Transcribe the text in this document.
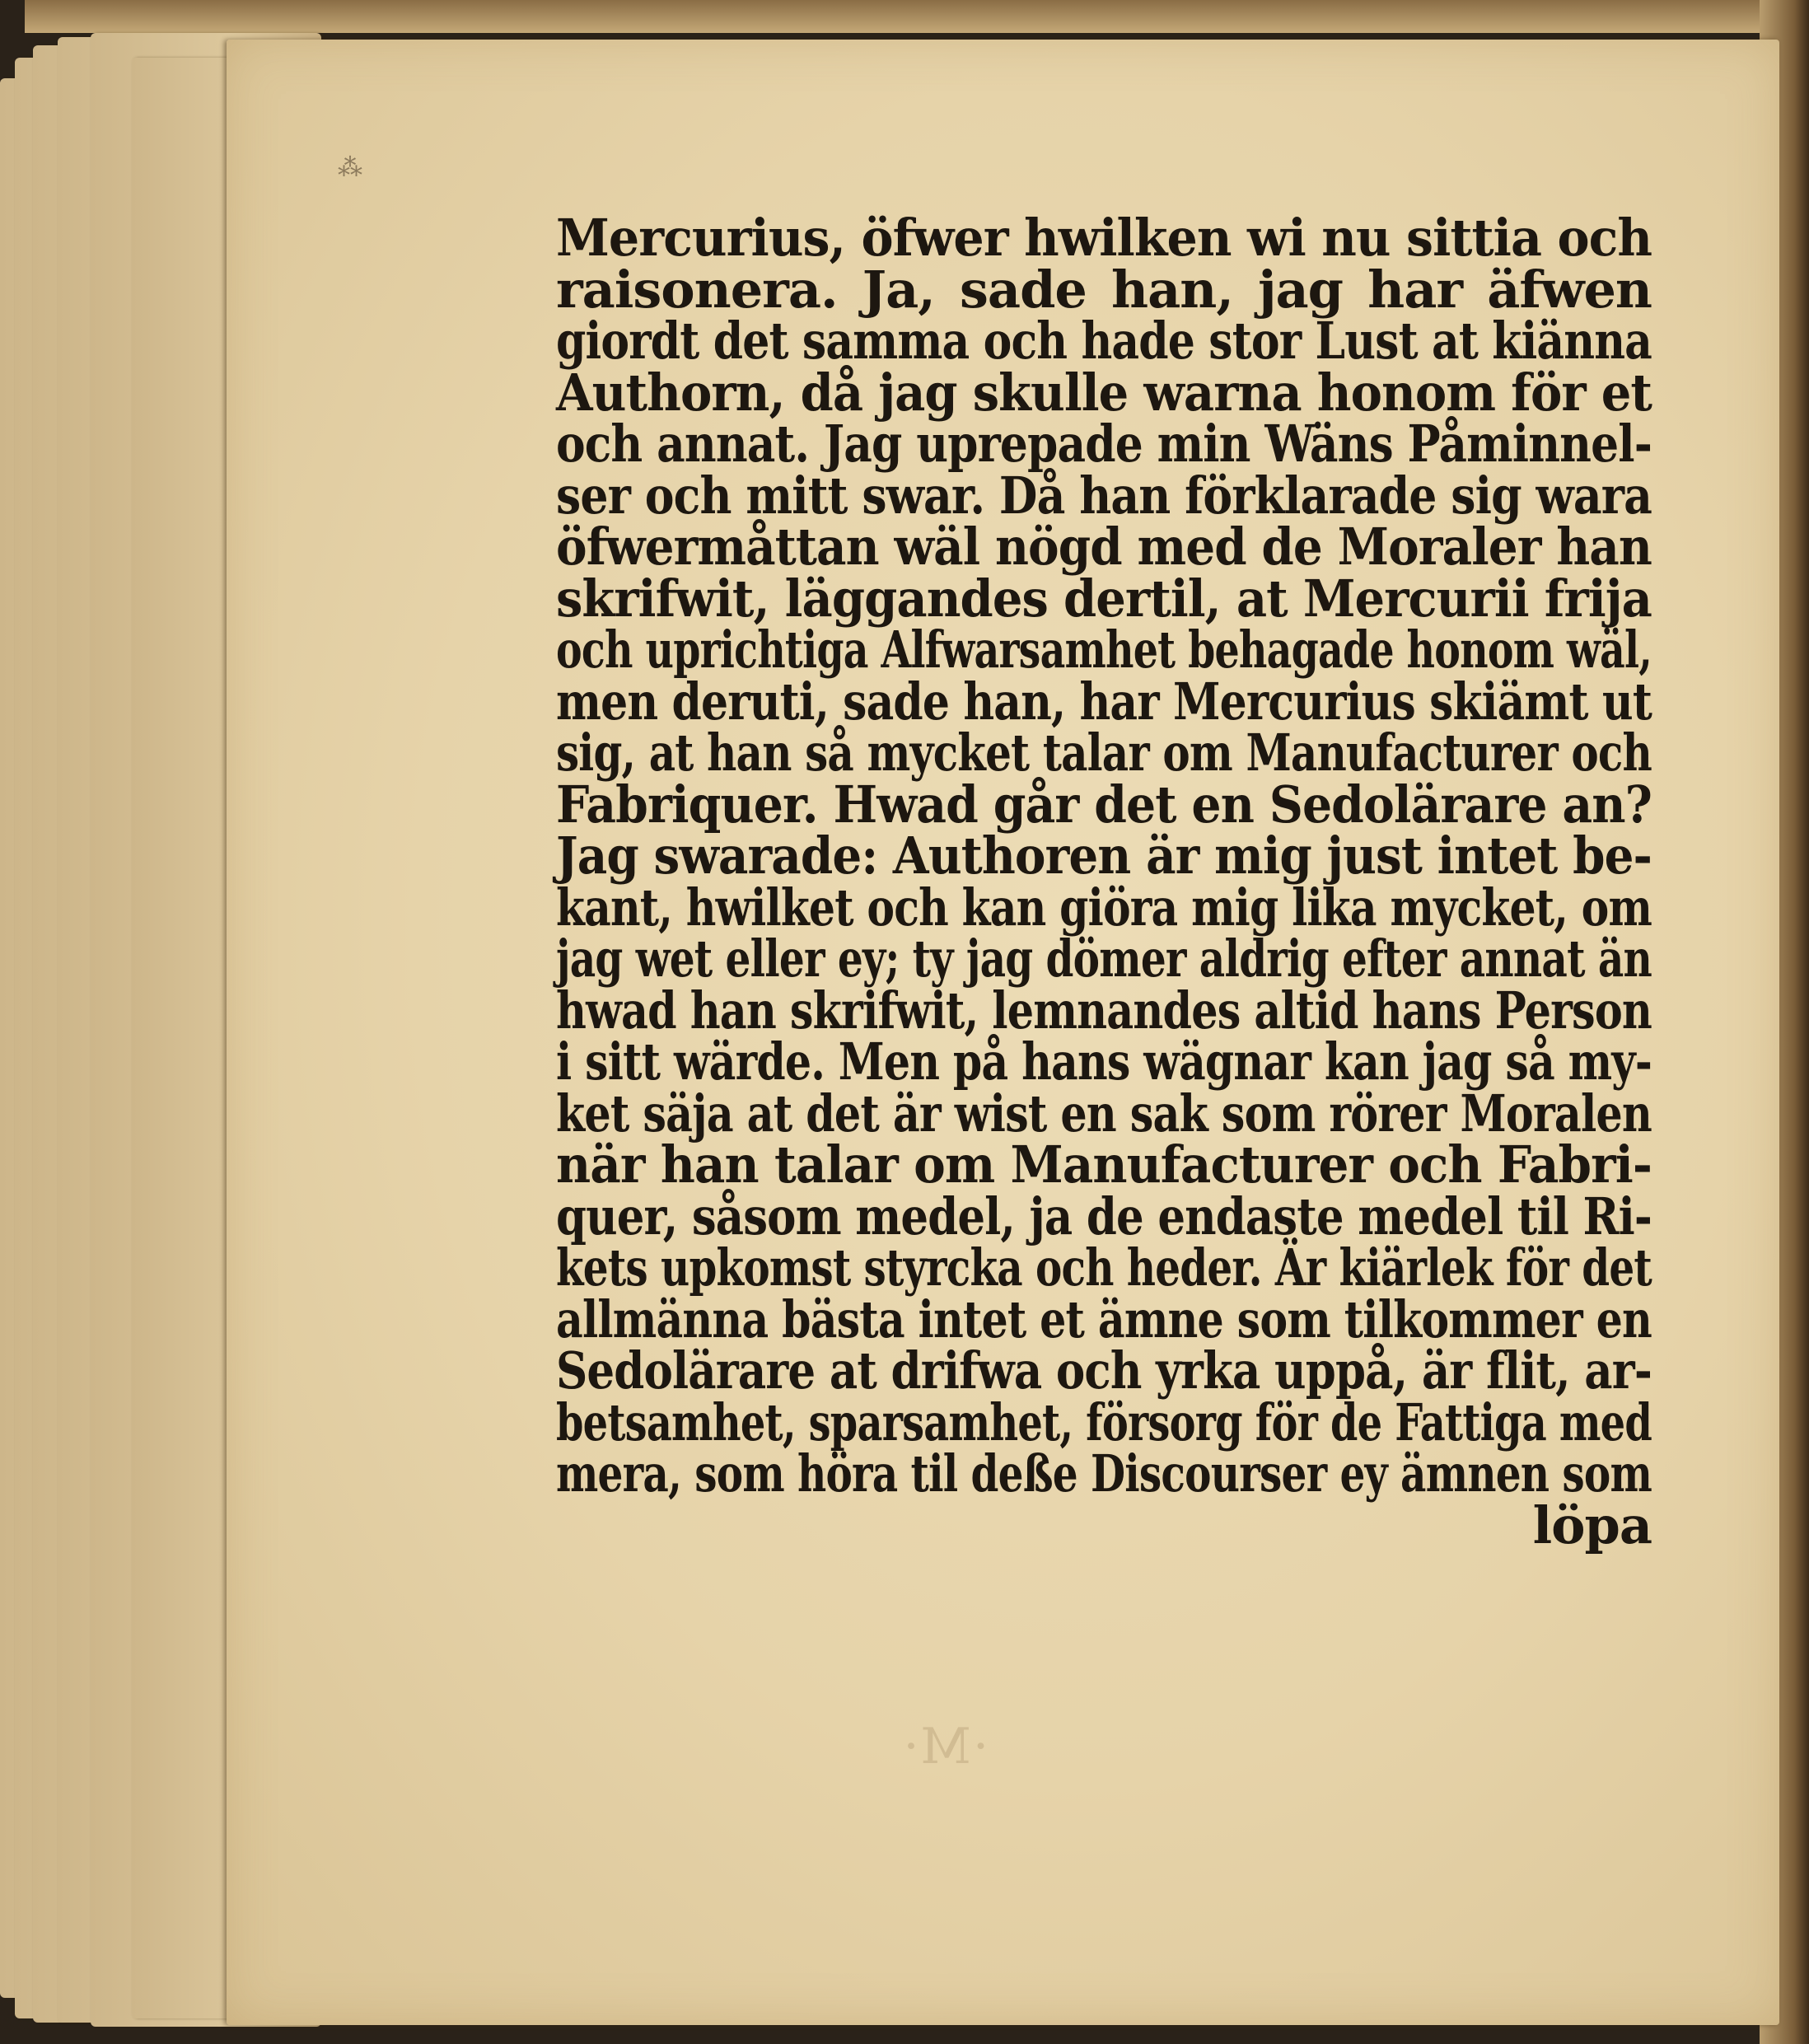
⁂
·M·
Mercurius, öfwer hwilken wi nu sittia och
raisonera. Ja, sade han, jag har äfwen
giordt det samma och hade stor Lust at kiänna
Authorn, då jag skulle warna honom för et
och annat. Jag uprepade min Wäns Påminnel-
ser och mitt swar. Då han förklarade sig wara
öfwermåttan wäl nögd med de Moraler han
skrifwit, läggandes dertil, at Mercurii frija
och uprichtiga Alfwarsamhet behagade honom wäl,
men deruti, sade han, har Mercurius skiämt ut
sig, at han så mycket talar om Manufacturer och
Fabriquer. Hwad går det en Sedolärare an?
Jag swarade: Authoren är mig just intet be-
kant, hwilket och kan giöra mig lika mycket, om
jag wet eller ey; ty jag dömer aldrig efter annat än
hwad han skrifwit, lemnandes altid hans Person
i sitt wärde. Men på hans wägnar kan jag så my-
ket säja at det är wist en sak som rörer Moralen
när han talar om Manufacturer och Fabri-
quer, såsom medel, ja de endaste medel til Ri-
kets upkomst styrcka och heder. Är kiärlek för det
allmänna bästa intet et ämne som tilkommer en
Sedolärare at drifwa och yrka uppå, är flit, ar-
betsamhet, sparsamhet, försorg för de Fattiga med
mera, som höra til deße Discourser ey ämnen som
löpa
